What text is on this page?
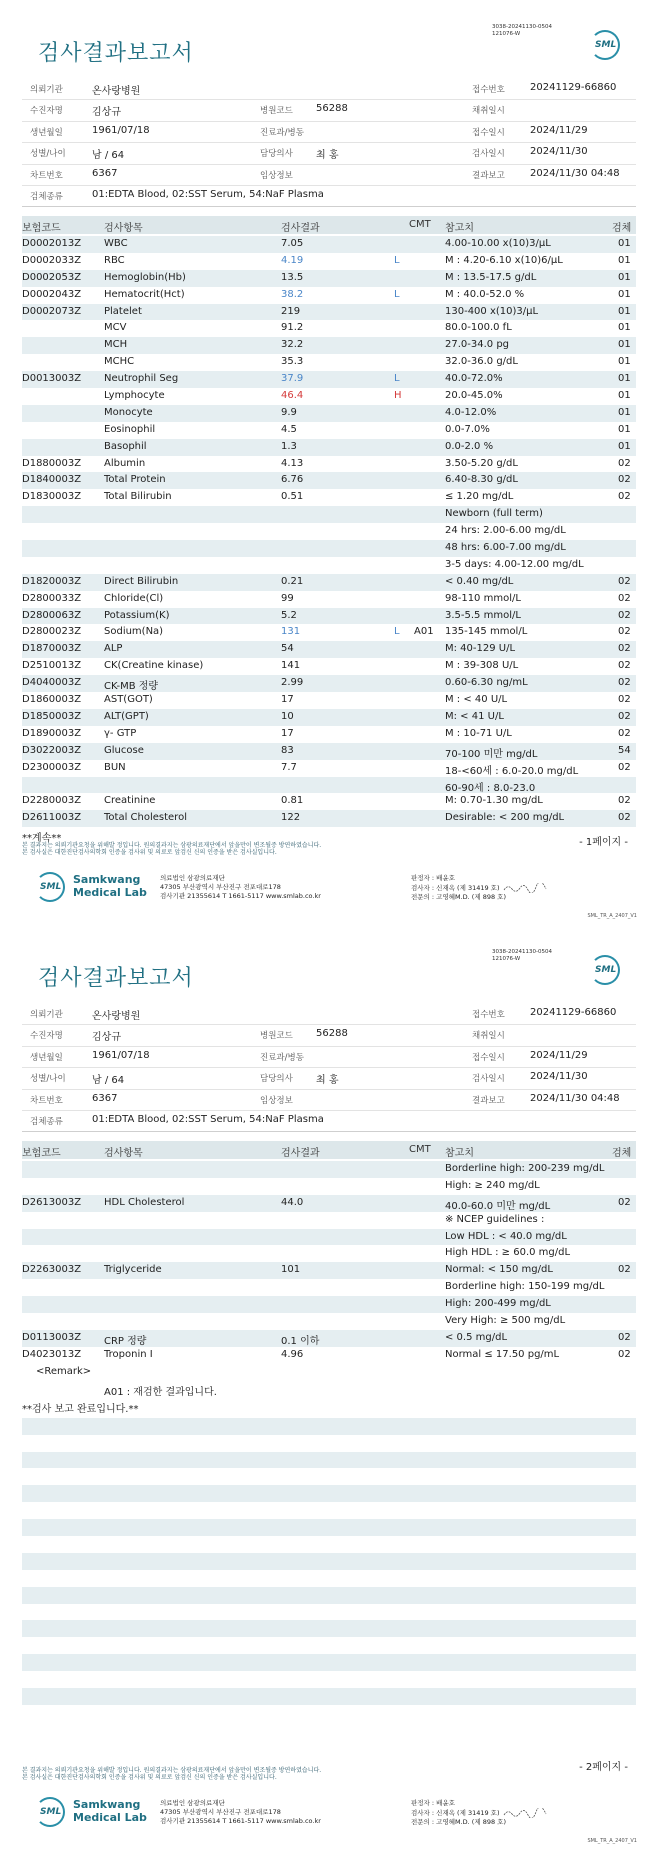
3038-20241130-0504
121076-W
검사결과보고서	SML
의뢰기관	온사랑병원	접수번호	20241129-66860
수진자명	김상규	병원코드 56288	채취일시
생년월일	1961/07/18	진료과/병동	접수일시	2024/11/29
성별/나이	남 / 64	담당의사 최 홍	검사일시	2024/11/30
차트번호	6367	임상정보	결과보고	2024/11/30 04:48
검체종류	01:EDTA Blood, 02:SST Serum, 54:NaF Plasma
보험코드	검사항목	검사결과	CMT 참고치	검체
D0002013Z WBC	7.05	4.00-10.00 x(10)3/μL	01
D0002033Z RBC	4.19	L	M : 4.20-6.10 x(10)6/μL	01
D0002053Z Hemoglobin(Hb)	13.5	M : 13.5-17.5 g/dL	01
D0002043Z Hematocrit(Hct)	38.2	L	M : 40.0-52.0 %	01
D0002073Z Platelet	219	130-400 x(10)3/μL	01
MCV	91.2	80.0-100.0 fL	01
MCH	32.2	27.0-34.0 pg	01
MCHC	35.3	32.0-36.0 g/dL	01
D0013003Z Neutrophil Seg	37.9	L	40.0-72.0%	01
Lymphocyte	46.4	H	20.0-45.0%	01
Monocyte	9.9	4.0-12.0%	01
Eosinophil	4.5	0.0-7.0%	01
Basophil	1.3	0.0-2.0 %	01
D1880003Z Albumin	4.13	3.50-5.20 g/dL	02
D1840003Z Total Protein	6.76	6.40-8.30 g/dL	02
D1830003Z Total Bilirubin	0.51	≤ 1.20 mg/dL	02
Newborn (full term)
24 hrs: 2.00-6.00 mg/dL
48 hrs: 6.00-7.00 mg/dL
3-5 days: 4.00-12.00 mg/dL
D1820003Z Direct Bilirubin	0.21	< 0.40 mg/dL	02
D2800033Z Chloride(Cl)	99	98-110 mmol/L	02
D2800063Z Potassium(K)	5.2	3.5-5.5 mmol/L	02
D2800023Z Sodium(Na)	131	L A01 135-145 mmol/L	02
D1870003Z ALP	54	M: 40-129 U/L	02
D2510013Z CK(Creatine kinase)	141	M : 39-308 U/L	02
D4040003Z CK-MB 정량	2.99	0.60-6.30 ng/mL	02
D1860003Z AST(GOT)	17	M : < 40 U/L	02
D1850003Z ALT(GPT)	10	M: < 41 U/L	02
D1890003Z γ- GTP	17	M : 10-71 U/L	02
D3022003Z Glucose	83	70-100 미만 mg/dL	54
D2300003Z BUN	7.7	18-<60세 : 6.0-20.0 mg/dL	02
60-90세 : 8.0-23.0
D2280003Z Creatinine	0.81	M: 0.70-1.30 mg/dL	02
D2611003Z Total Cholesterol	122	Desirable: < 200 mg/dL	02
**계속**	- 1페이지 -
본 결과지는 의뢰기관요청을 위해발 정입니다. 원의결과지는 삼광의료재단에서 앞을만이 변조될증 방연하였습니다.
본 검사실은 대한진단검사의학회 인증을 검사위 및 의료로 앞검신 신의 인증을 받은 검사실입니다.
SML
Samkwang
Medical Lab
의료법인 삼광의료재단
47305 부산광역시 부산진구 전포대로178
검사기관 21355614 T 1661-5117 www.smlab.co.kr
판정자 : 배윤호
검사자 : 신재옥 (제 31419 호)
전문의 : 고영혜M.D. (제 898 호)
SML_TR_A_2407_V1
3038-20241130-0504
121076-W
검사결과보고서	SML
의뢰기관	온사랑병원	접수번호	20241129-66860
수진자명	김상규	병원코드 56288	채취일시
생년월일	1961/07/18	진료과/병동	접수일시	2024/11/29
성별/나이	남 / 64	담당의사 최 홍	검사일시	2024/11/30
차트번호	6367	임상정보	결과보고	2024/11/30 04:48
검체종류	01:EDTA Blood, 02:SST Serum, 54:NaF Plasma
보험코드	검사항목	검사결과	CMT 참고치	검체
Borderline high: 200-239 mg/dL
High: ≥ 240 mg/dL
D2613003Z HDL Cholesterol	44.0	40.0-60.0 미만 mg/dL	02
※ NCEP guidelines :
Low HDL : < 40.0 mg/dL
High HDL : ≥ 60.0 mg/dL
D2263003Z Triglyceride	101	Normal: < 150 mg/dL	02
Borderline high: 150-199 mg/dL
High: 200-499 mg/dL
Very High: ≥ 500 mg/dL
D0113003Z CRP 정량	0.1 이하	< 0.5 mg/dL	02
D4023013Z Troponin I	4.96	Normal ≤ 17.50 pg/mL	02
- 2페이지 -
본 결과지는 의뢰기관요청을 위해발 정입니다. 원의결과지는 삼광의료재단에서 앞을만이 변조될증 방연하였습니다.
본 검사실은 대한진단검사의학회 인증을 검사위 및 의료로 앞검신 신의 인증을 받은 검사실입니다.
SML
Samkwang
Medical Lab
의료법인 삼광의료재단
47305 부산광역시 부산진구 전포대로178
검사기관 21355614 T 1661-5117 www.smlab.co.kr
판정자 : 배윤호
검사자 : 신재옥 (제 31419 호)
전문의 : 고영혜M.D. (제 898 호)
SML_TR_A_2407_V1
<Remark>
A01 : 재검한 결과입니다.
**검사 보고 완료입니다.**
